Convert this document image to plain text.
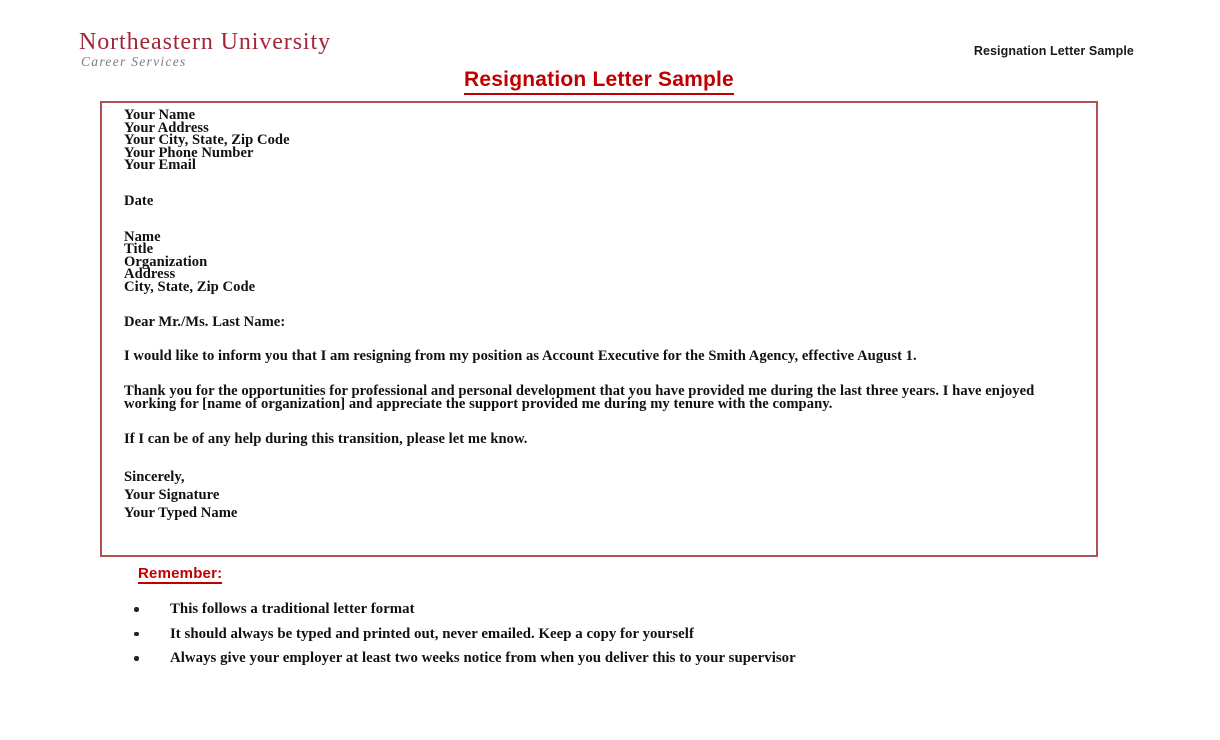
Northeastern University
Career Services
Resignation Letter Sample
Resignation Letter Sample
Your Name
Your Address
Your City, State, Zip Code
Your Phone Number
Your Email
Date
Name
Title
Organization
Address
City, State, Zip Code
Dear Mr./Ms. Last Name:
I would like to inform you that I am resigning from my position as Account Executive for the Smith Agency, effective August 1.
Thank you for the opportunities for professional and personal development that you have provided me during the last three years. I have enjoyed working for [name of organization] and appreciate the support provided me during my tenure with the company.
If I can be of any help during this transition, please let me know.
Sincerely,
Your Signature
Your Typed Name
Remember:
This follows a traditional letter format
It should always be typed and printed out, never emailed. Keep a copy for yourself
Always give your employer at least two weeks notice from when you deliver this to your supervisor
